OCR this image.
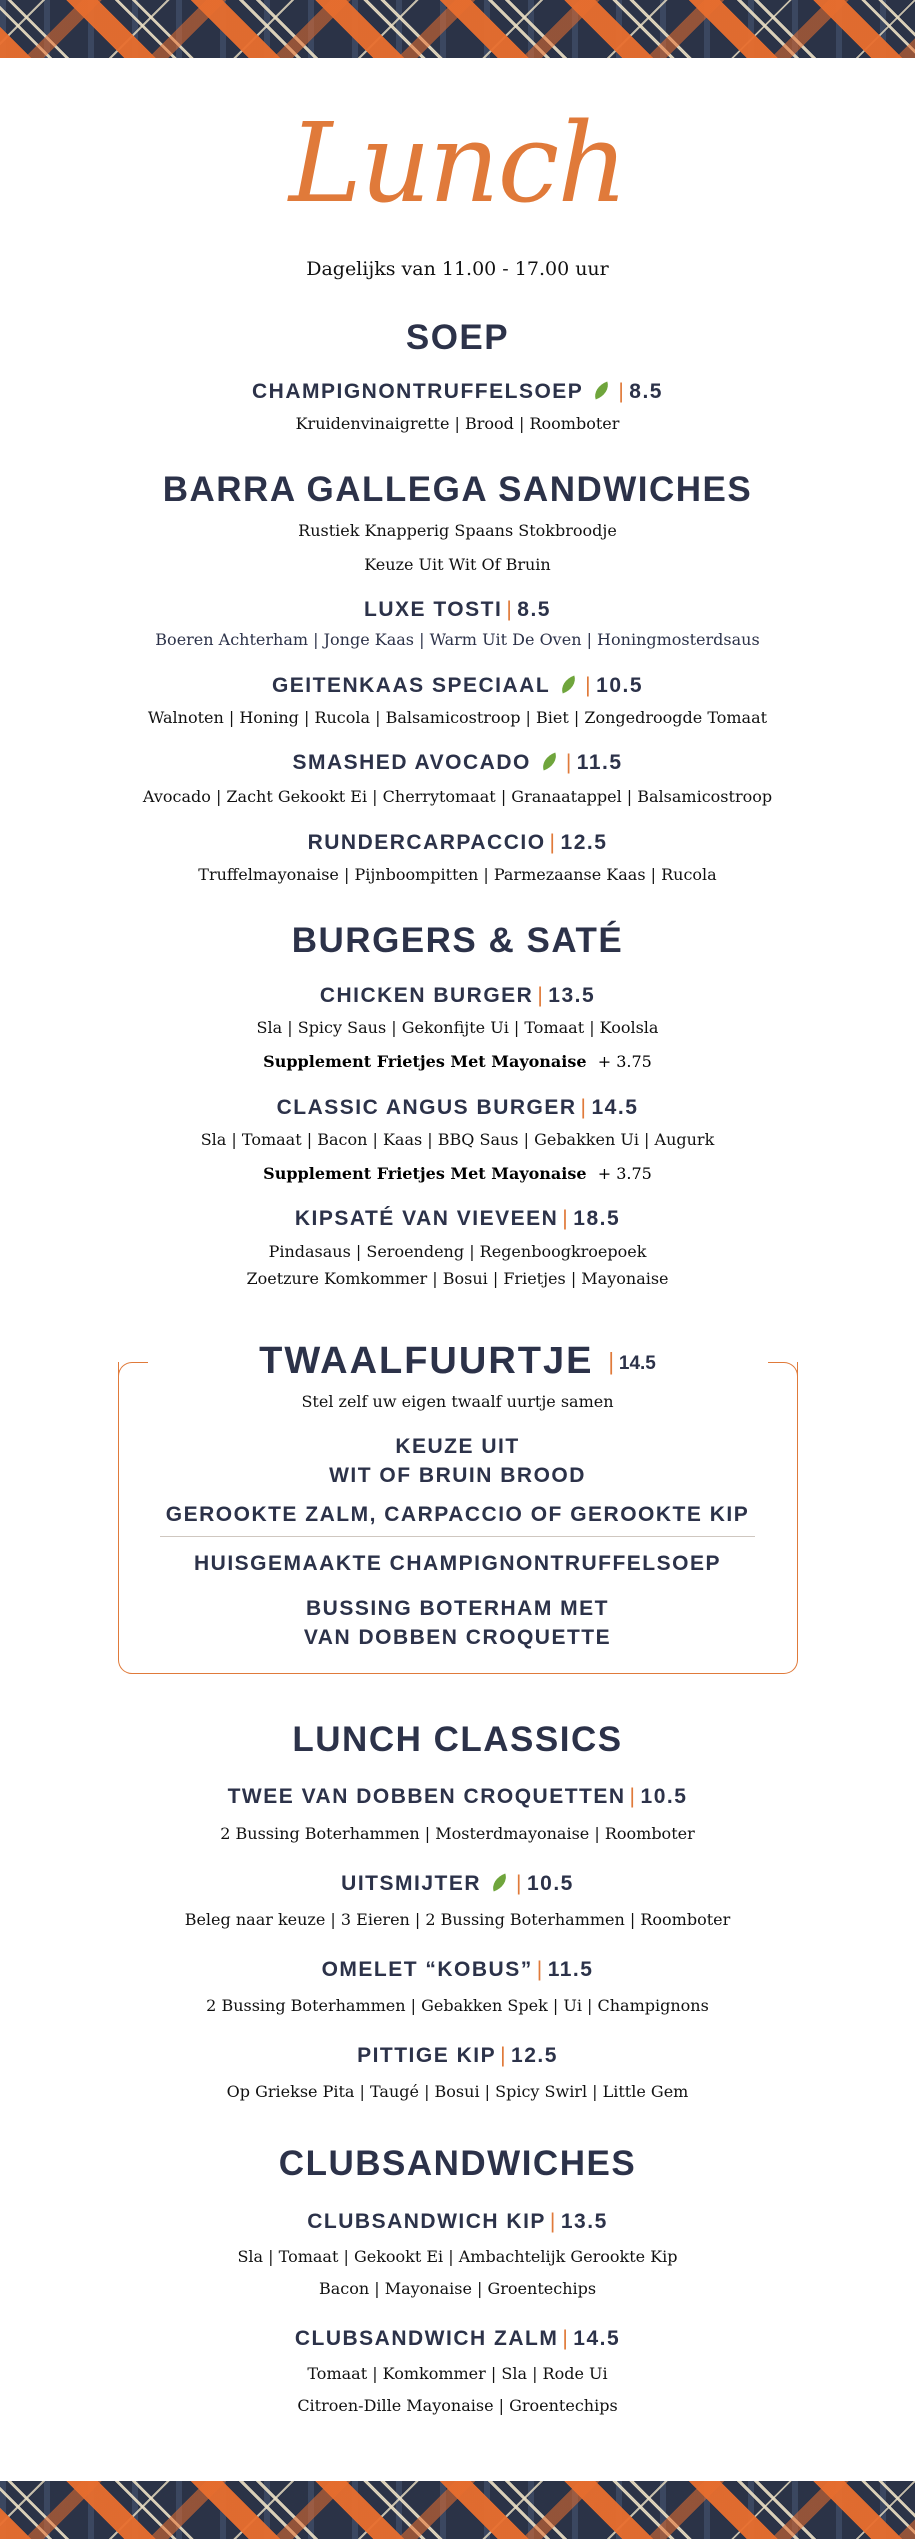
Lunch
Dagelijks van 11.00 - 17.00 uur
SOEP
CHAMPIGNONTRUFFELSOEP | 8.5
Kruidenvinaigrette | Brood | Roomboter
BARRA GALLEGA SANDWICHES
Rustiek Knapperig Spaans Stokbroodje
Keuze Uit Wit Of Bruin
LUXE TOSTI | 8.5
Boeren Achterham | Jonge Kaas | Warm Uit De Oven | Honingmosterdsaus
GEITENKAAS SPECIAAL | 10.5
Walnoten | Honing | Rucola | Balsamicostroop | Biet | Zongedroogde Tomaat
SMASHED AVOCADO | 11.5
Avocado | Zacht Gekookt Ei | Cherrytomaat | Granaatappel | Balsamicostroop
RUNDERCARPACCIO | 12.5
Truffelmayonaise | Pijnboompitten | Parmezaanse Kaas | Rucola
BURGERS & SATÉ
CHICKEN BURGER | 13.5
Sla | Spicy Saus | Gekonfijte Ui | Tomaat | Koolsla
Supplement Frietjes Met Mayonaise + 3.75
CLASSIC ANGUS BURGER | 14.5
Sla | Tomaat | Bacon | Kaas | BBQ Saus | Gebakken Ui | Augurk
Supplement Frietjes Met Mayonaise + 3.75
KIPSATÉ VAN VIEVEEN | 18.5
Pindasaus | Seroendeng | Regenboogkroepoek
Zoetzure Komkommer | Bosui | Frietjes | Mayonaise
TWAALFUURTJE | 14.5
Stel zelf uw eigen twaalf uurtje samen
KEUZE UIT
WIT OF BRUIN BROOD
GEROOKTE ZALM, CARPACCIO OF GEROOKTE KIP
HUISGEMAAKTE CHAMPIGNONTRUFFELSOEP
BUSSING BOTERHAM MET
VAN DOBBEN CROQUETTE
LUNCH CLASSICS
TWEE VAN DOBBEN CROQUETTEN | 10.5
2 Bussing Boterhammen | Mosterdmayonaise | Roomboter
UITSMIJTER | 10.5
Beleg naar keuze | 3 Eieren | 2 Bussing Boterhammen | Roomboter
OMELET “KOBUS” | 11.5
2 Bussing Boterhammen | Gebakken Spek | Ui | Champignons
PITTIGE KIP | 12.5
Op Griekse Pita | Taugé | Bosui | Spicy Swirl | Little Gem
CLUBSANDWICHES
CLUBSANDWICH KIP | 13.5
Sla | Tomaat | Gekookt Ei | Ambachtelijk Gerookte Kip
Bacon | Mayonaise | Groentechips
CLUBSANDWICH ZALM | 14.5
Tomaat | Komkommer | Sla | Rode Ui
Citroen-Dille Mayonaise | Groentechips
